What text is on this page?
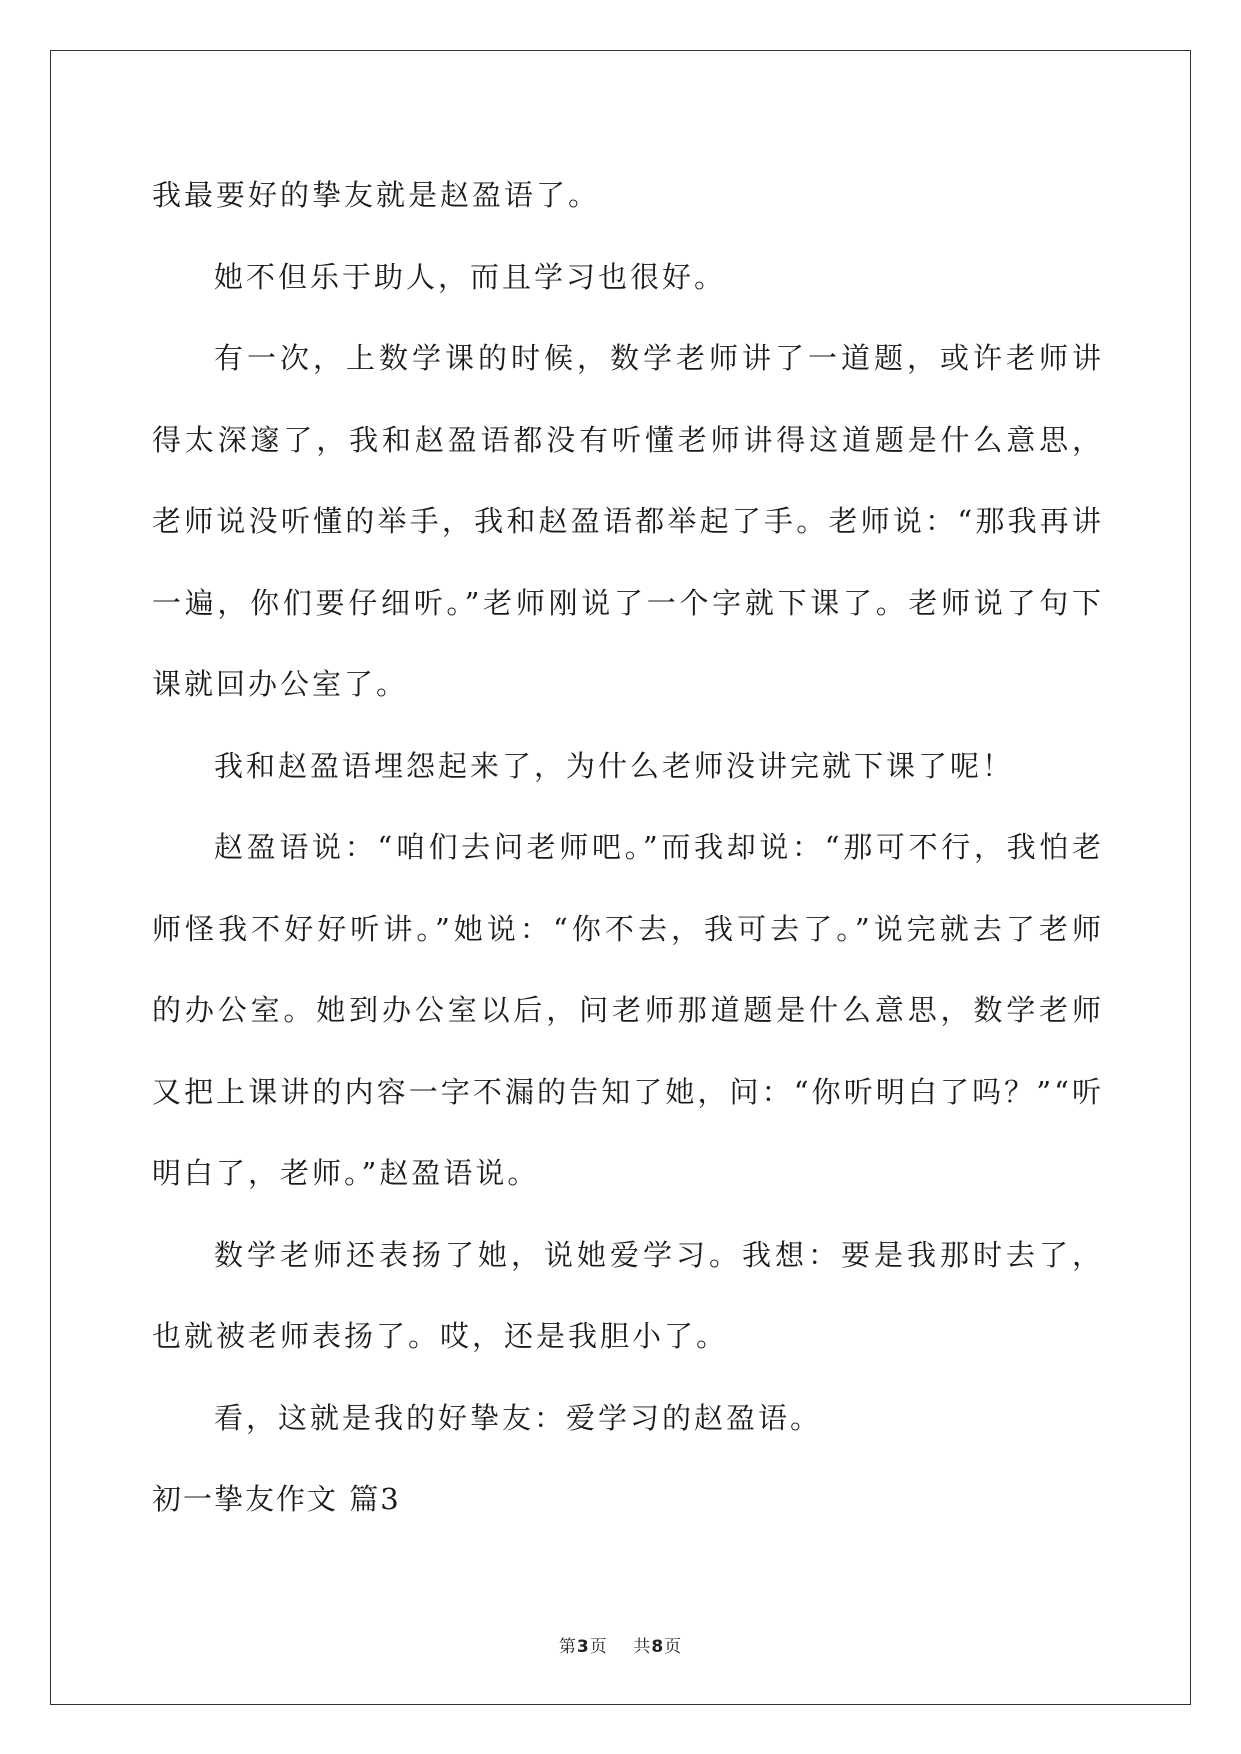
我最要好的挚友就是赵盈语了。

她不但乐于助人，而且学习也很好。

有一次，上数学课的时候，数学老师讲了一道题，或许老师讲得太深邃了，我和赵盈语都没有听懂老师讲得这道题是什么意思，老师说没听懂的举手，我和赵盈语都举起了手。老师说：“那我再讲一遍，你们要仔细听。”老师刚说了一个字就下课了。老师说了句下课就回办公室了。

我和赵盈语埋怨起来了，为什么老师没讲完就下课了呢！

赵盈语说：“咱们去问老师吧。”而我却说：“那可不行，我怕老师怪我不好好听讲。”她说：“你不去，我可去了。”说完就去了老师的办公室。她到办公室以后，问老师那道题是什么意思，数学老师又把上课讲的内容一字不漏的告知了她，问：“你听明白了吗？”“听明白了，老师。”赵盈语说。

数学老师还表扬了她，说她爱学习。我想：要是我那时去了，也就被老师表扬了。哎，还是我胆小了。

看，这就是我的好挚友：爱学习的赵盈语。

初一挚友作文 篇3

第3页 共8页
